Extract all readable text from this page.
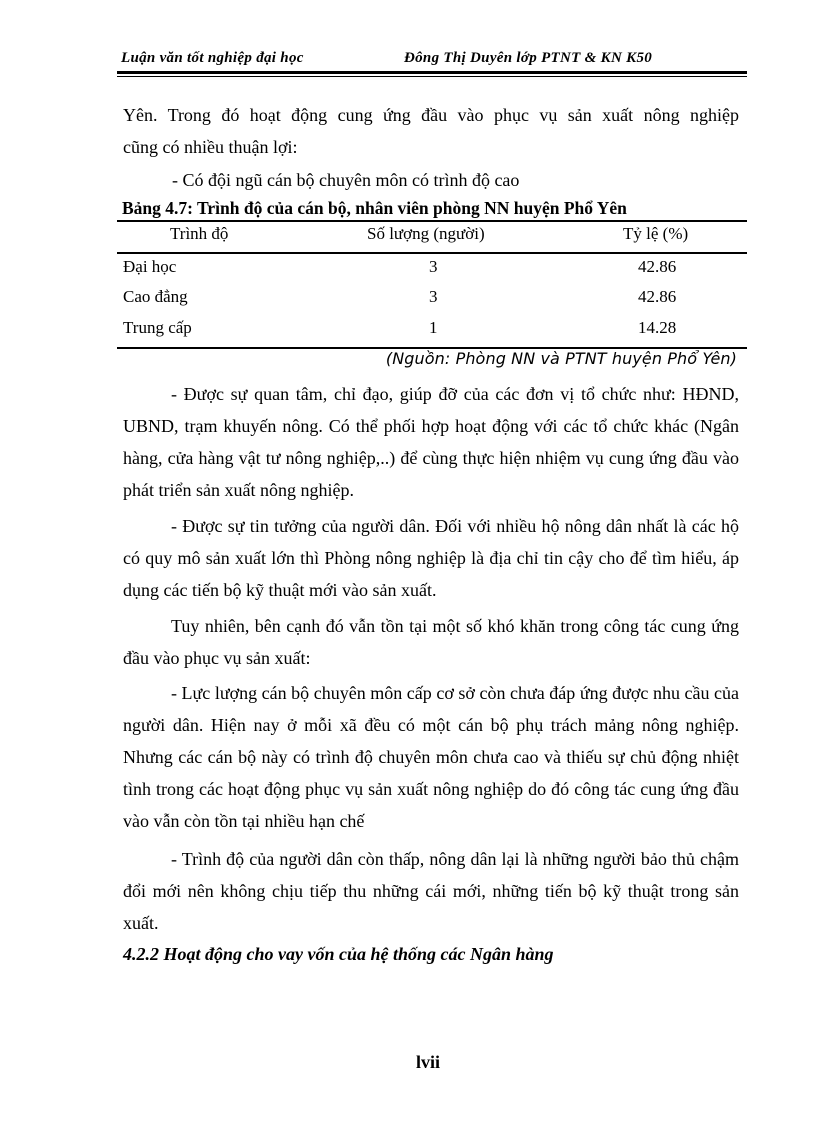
Luận văn tốt nghiệp đại học	Đông Thị Duyên lớp PTNT & KN K50
Yên. Trong đó hoạt động cung ứng đầu vào phục vụ sản xuất nông nghiệp
cũng có nhiều thuận lợi:
- Có đội ngũ cán bộ chuyên môn có trình độ cao
Bảng 4.7: Trình độ của cán bộ, nhân viên phòng NN huyện Phổ Yên
Trình độ	Số lượng (người)	Tỷ lệ (%)
Đại học	3	42.86
Cao đẳng	3	42.86
Trung cấp	1	14.28
(Nguồn: Phòng NN và PTNT huyện Phổ Yên)
- Được sự quan tâm, chỉ đạo, giúp đỡ của các đơn vị tổ chức như: HĐND, UBND, trạm khuyến nông. Có thể phối hợp hoạt động với các tổ chức khác (Ngân hàng, cửa hàng vật tư nông nghiệp,..) để cùng thực hiện nhiệm vụ cung ứng đầu vào phát triển sản xuất nông nghiệp.
- Được sự tin tưởng của người dân. Đối với nhiều hộ nông dân nhất là các hộ có quy mô sản xuất lớn thì Phòng nông nghiệp là địa chỉ tin cậy cho để tìm hiểu, áp dụng các tiến bộ kỹ thuật mới vào sản xuất.
Tuy nhiên, bên cạnh đó vẫn tồn tại một số khó khăn trong công tác cung ứng đầu vào phục vụ sản xuất:
- Lực lượng cán bộ chuyên môn cấp cơ sở còn chưa đáp ứng được nhu cầu của người dân. Hiện nay ở mỗi xã đều có một cán bộ phụ trách mảng nông nghiệp. Nhưng các cán bộ này có trình độ chuyên môn chưa cao và thiếu sự chủ động nhiệt tình trong các hoạt động phục vụ sản xuất nông nghiệp do đó công tác cung ứng đầu vào vẫn còn tồn tại nhiều hạn chế
- Trình độ của người dân còn thấp, nông dân lại là những người bảo thủ chậm đổi mới nên không chịu tiếp thu những cái mới, những tiến bộ kỹ thuật trong sản xuất.
4.2.2 Hoạt động cho vay vốn của hệ thống các Ngân hàng
lvii
